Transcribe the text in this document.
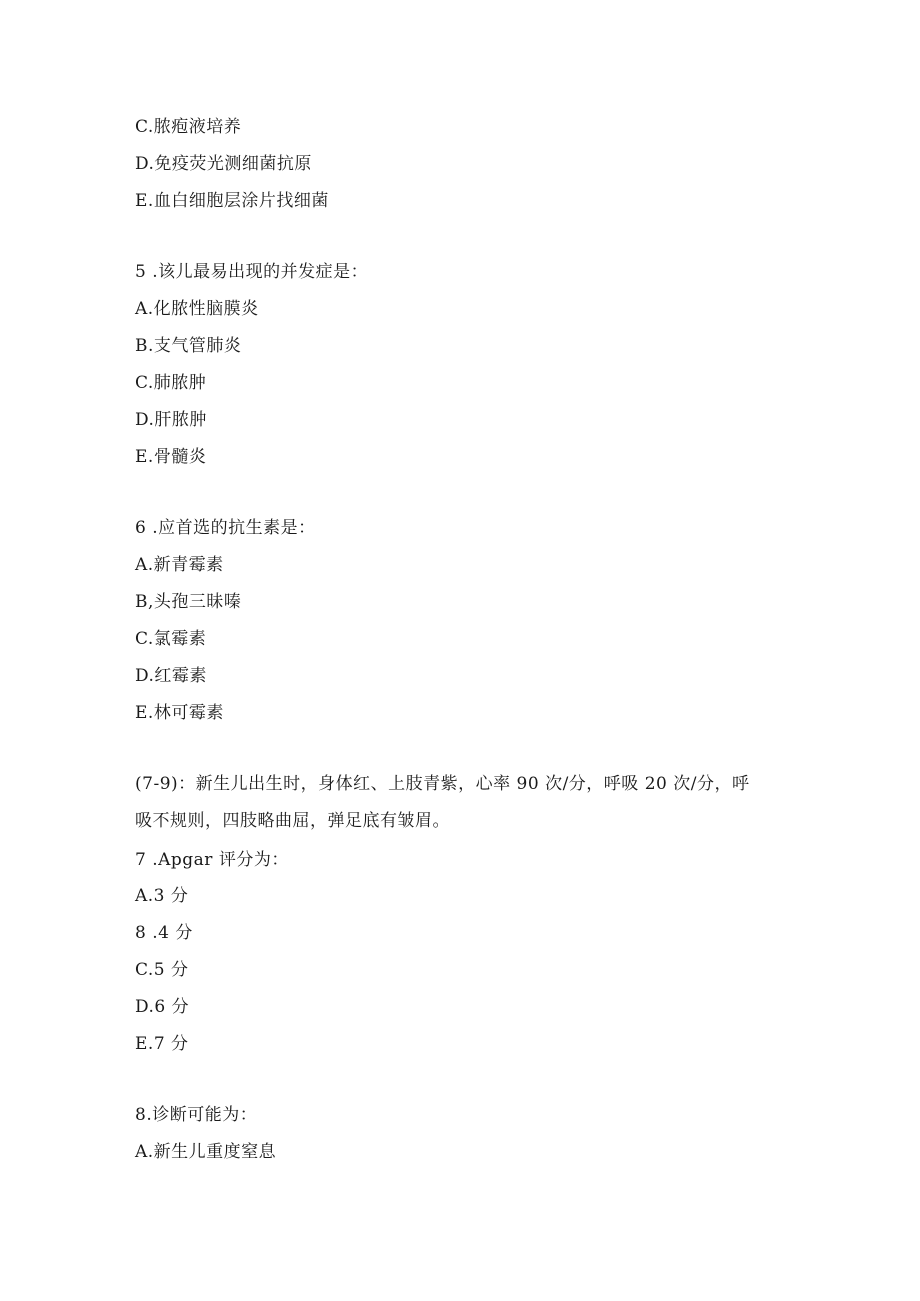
C.脓疱液培养
D.免疫荧光测细菌抗原
E.血白细胞层涂片找细菌
5 .该儿最易出现的并发症是：
A.化脓性脑膜炎
B.支气管肺炎
C.肺脓肿
D.肝脓肿
E.骨髓炎
6 .应首选的抗生素是：
A.新青霉素
B,头孢三昧嗪
C.氯霉素
D.红霉素
E.林可霉素
(7-9)：新生儿出生时，身体红、上肢青紫，心率 90 次/分，呼吸 20 次/分，呼
吸不规则，四肢略曲屈，弹足底有皱眉。
7 .Apgar 评分为：
A.3 分
8 .4 分
C.5 分
D.6 分
E.7 分
8.诊断可能为：
A.新生儿重度窒息
